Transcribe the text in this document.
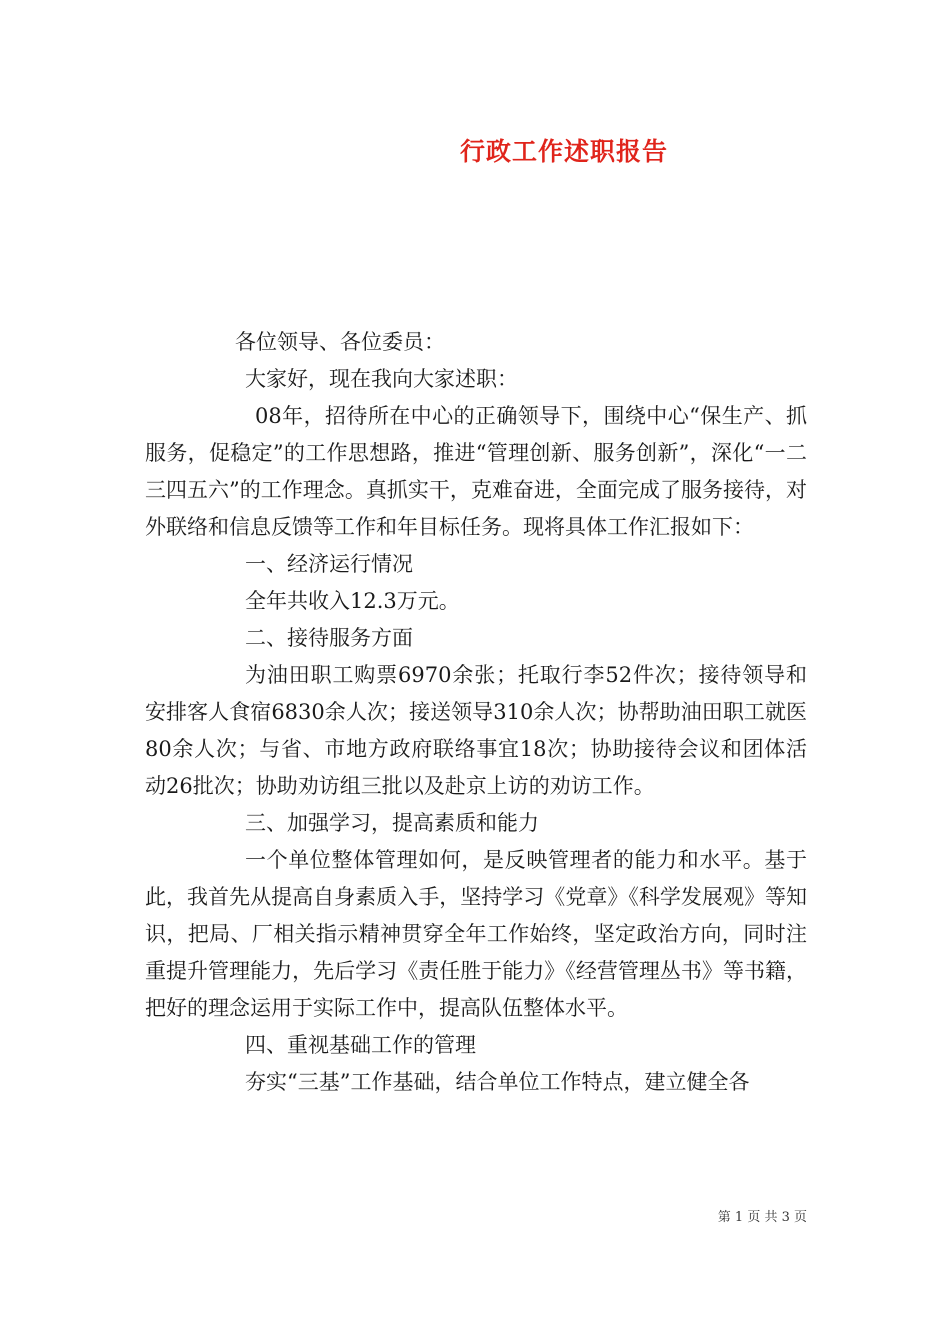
行政工作述职报告

各位领导、各位委员：

大家好，现在我向大家述职：

08年，招待所在中心的正确领导下，围绕中心“保生产、抓服务，促稳定”的工作思想路，推进“管理创新、服务创新”，深化“一二三四五六”的工作理念。真抓实干，克难奋进，全面完成了服务接待，对外联络和信息反馈等工作和年目标任务。现将具体工作汇报如下：

一、经济运行情况

全年共收入12.3万元。

二、接待服务方面

为油田职工购票6970余张；托取行李52件次；接待领导和安排客人食宿6830余人次；接送领导310余人次；协帮助油田职工就医80余人次；与省、市地方政府联络事宜18次；协助接待会议和团体活动26批次；协助劝访组三批以及赴京上访的劝访工作。

三、加强学习，提高素质和能力

一个单位整体管理如何，是反映管理者的能力和水平。基于此，我首先从提高自身素质入手，坚持学习《党章》《科学发展观》等知识，把局、厂相关指示精神贯穿全年工作始终，坚定政治方向，同时注重提升管理能力，先后学习《责任胜于能力》《经营管理丛书》等书籍，把好的理念运用于实际工作中，提高队伍整体水平。

四、重视基础工作的管理

夯实“三基”工作基础，结合单位工作特点，建立健全各

第 1 页 共 3 页
